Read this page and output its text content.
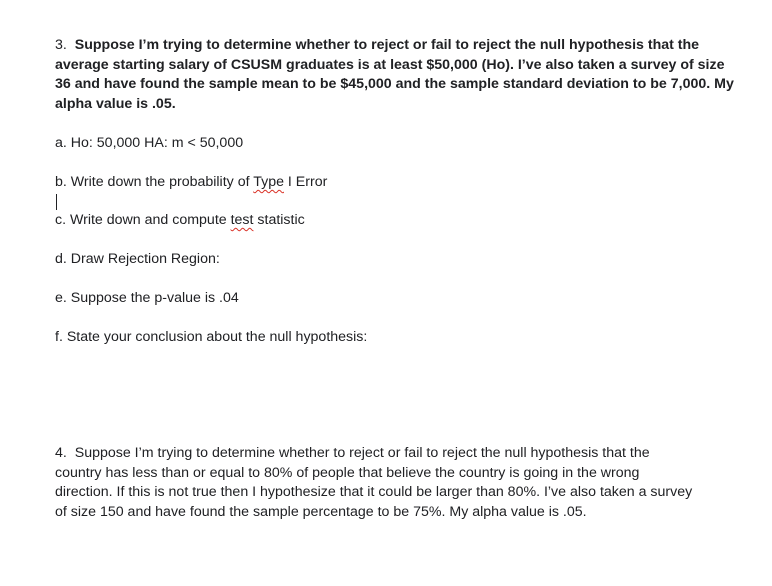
3. Suppose I’m trying to determine whether to reject or fail to reject the null hypothesis that the average starting salary of CSUSM graduates is at least $50,000 (Ho). I’ve also taken a survey of size 36 and have found the sample mean to be $45,000 and the sample standard deviation to be 7,000. My alpha value is .05.

a. Ho: 50,000 HA: m < 50,000
b. Write down the probability of Type I Error
c. Write down and compute test statistic
d. Draw Rejection Region:
e. Suppose the p-value is .04
f. State your conclusion about the null hypothesis:

4. Suppose I’m trying to determine whether to reject or fail to reject the null hypothesis that the country has less than or equal to 80% of people that believe the country is going in the wrong direction. If this is not true then I hypothesize that it could be larger than 80%. I’ve also taken a survey of size 150 and have found the sample percentage to be 75%. My alpha value is .05.
